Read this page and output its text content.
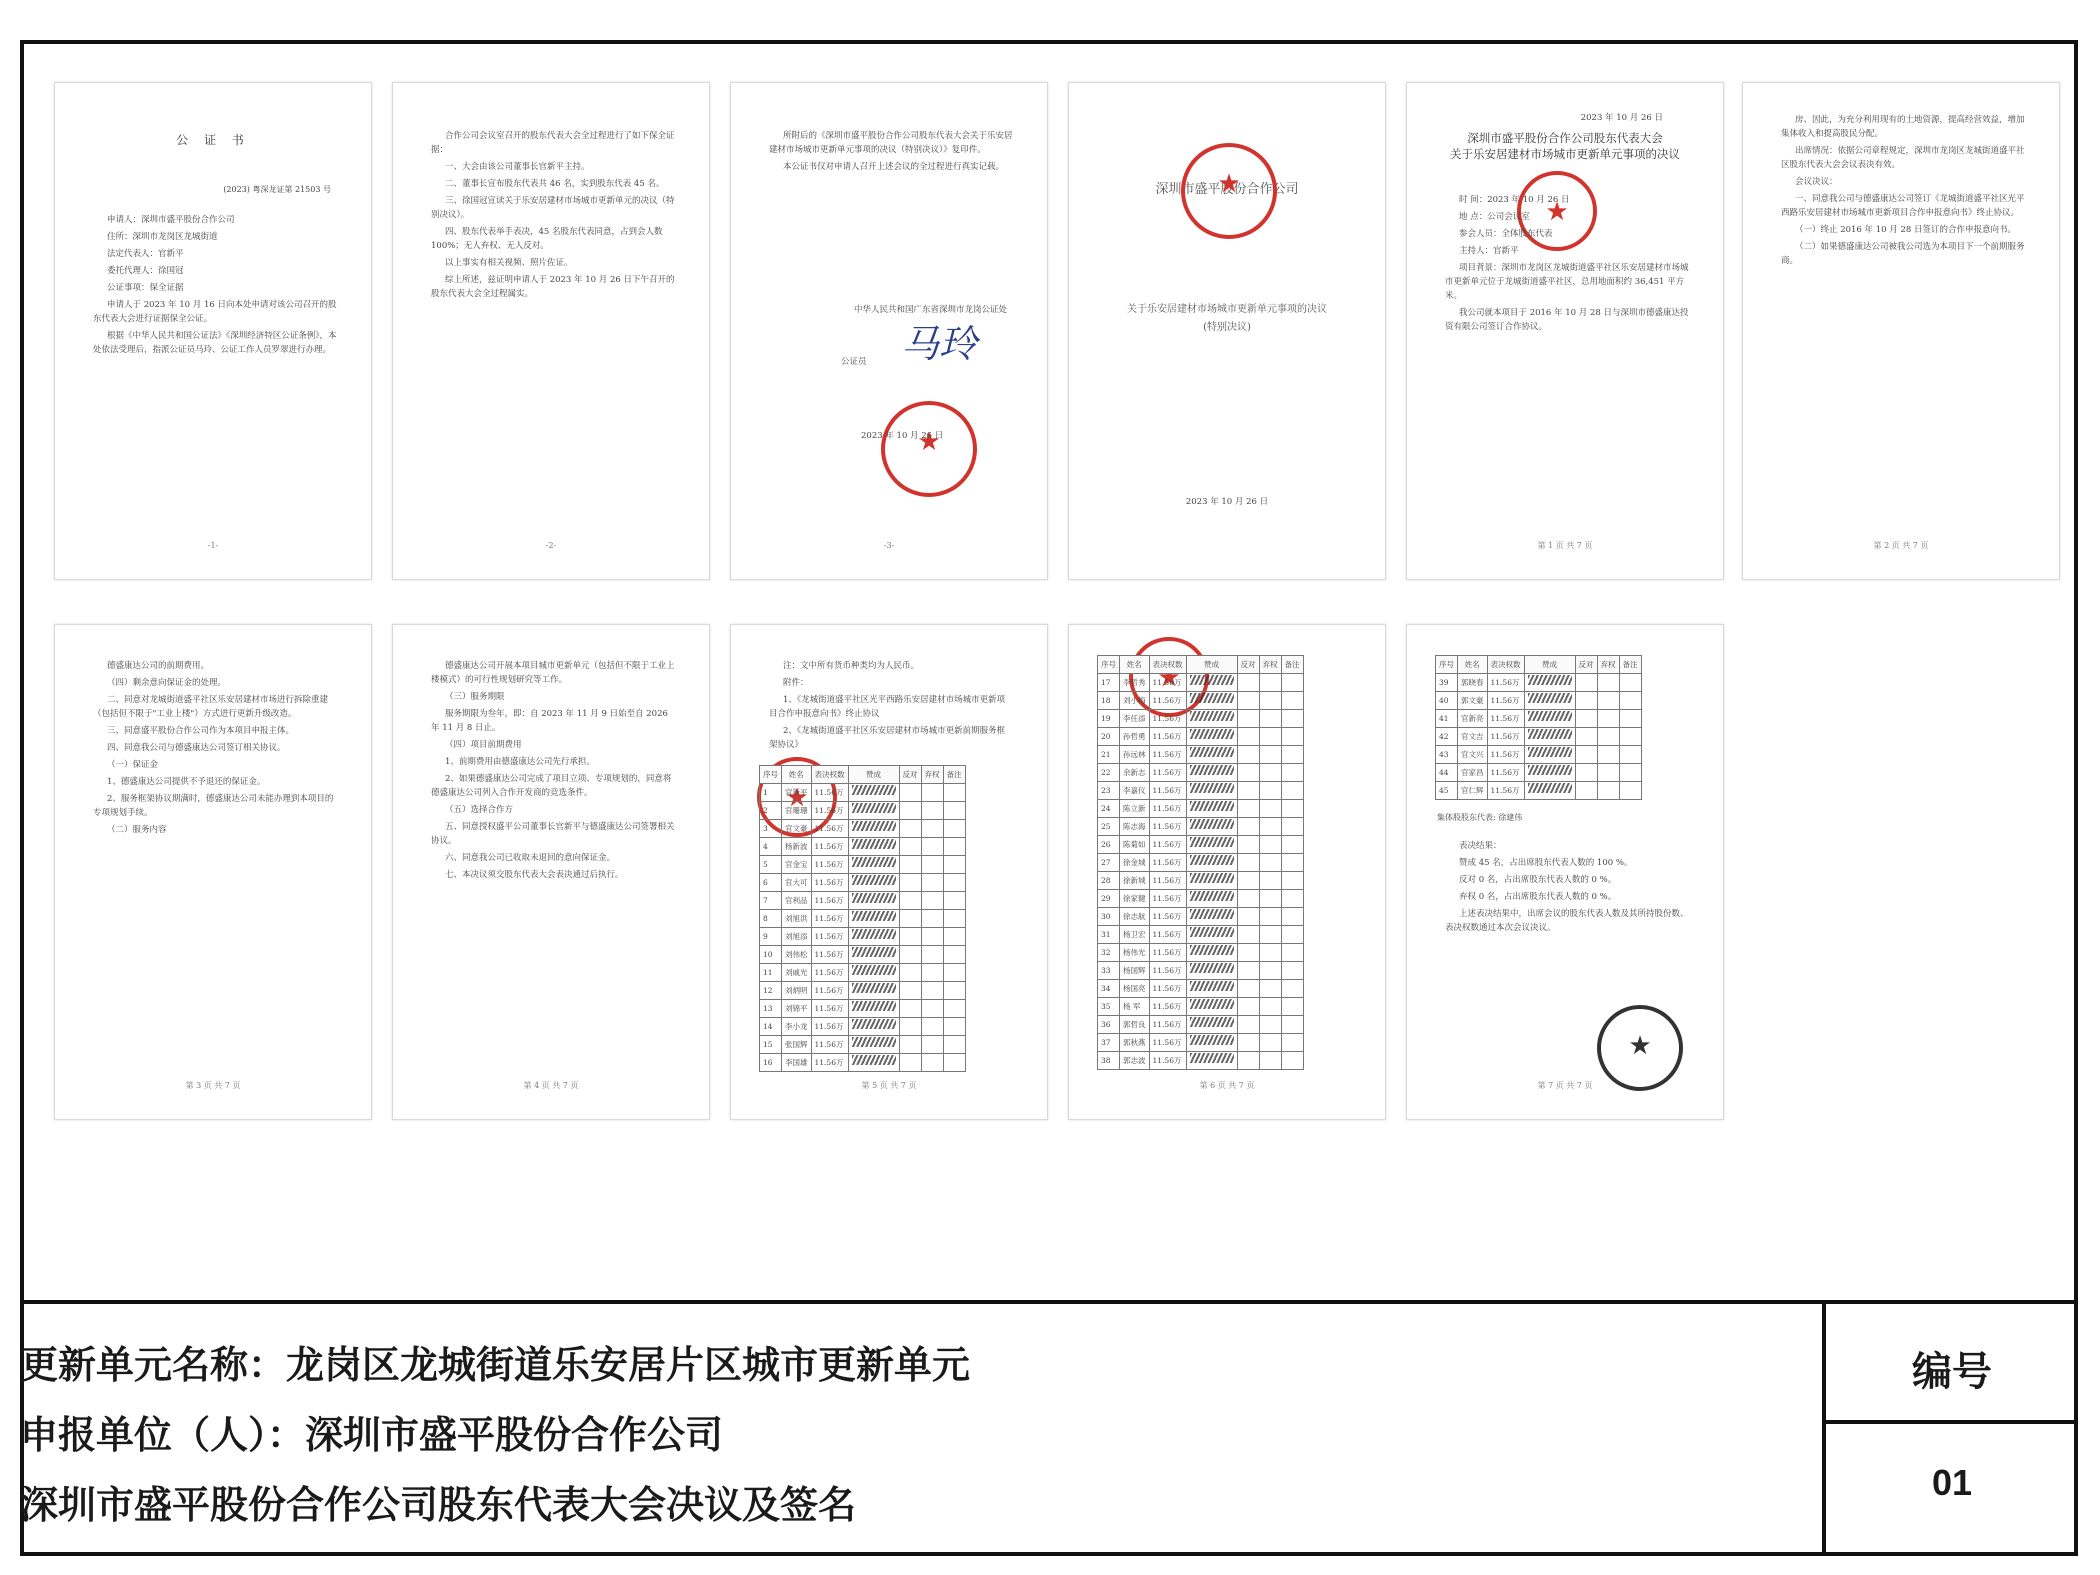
公 证 书
(2023) 粤深龙证第 21503 号

申请人：深圳市盛平股份合作公司

住所：深圳市龙岗区龙城街道

法定代表人：官新平

委托代理人：徐国冠

公证事项：保全证据

申请人于 2023 年 10 月 16 日向本处申请对该公司召开的股东代表大会进行证据保全公证。

根据《中华人民共和国公证法》《深圳经济特区公证条例》，本处依法受理后，指派公证员马玲、公证工作人员罗翠进行办理。

-1-

合作公司会议室召开的股东代表大会全过程进行了如下保全证据：

一、大会由该公司董事长官新平主持。

二、董事长宣布股东代表共 46 名，实到股东代表 45 名。

三、徐国冠宣读关于乐安居建材市场城市更新单元的决议（特别决议）。

四、股东代表举手表决，45 名股东代表同意，占到会人数 100%；无人弃权、无人反对。

以上事实有相关视频、照片佐证。

综上所述，兹证明申请人于 2023 年 10 月 26 日下午召开的股东代表大会全过程属实。

-2-

所附后的《深圳市盛平股份合作公司股东代表大会关于乐安居建材市场城市更新单元事项的决议（特别决议）》复印件。

本公证书仅对申请人召开上述会议的全过程进行真实记载。

中华人民共和国广东省深圳市龙岗公证处
公证员 马玲
★
2023 年 10 月 26 日
-3-
深圳市盛平股份合作公司
★
关于乐安居建材市场城市更新单元事项的决议
(特别决议)
2023 年 10 月 26 日
2023 年 10 月 26 日
深圳市盛平股份合作公司股东代表大会
关于乐安居建材市场城市更新单元事项的决议
★

时 间：2023 年 10 月 26 日

地 点：公司会议室

参会人员：全体股东代表

主持人：官新平

项目背景：深圳市龙岗区龙城街道盛平社区乐安居建材市场城市更新单元位于龙城街道盛平社区，总用地面积约 36,451 平方米。

我公司就本项目于 2016 年 10 月 28 日与深圳市德盛康达投资有限公司签订合作协议。

第 1 页 共 7 页

房、因此，为充分利用现有的土地资源，提高经营效益，增加集体收入和提高股民分配。

出席情况：依据公司章程规定，深圳市龙岗区龙城街道盛平社区股东代表大会会议表决有效。

会议决议：

一、同意我公司与德盛康达公司签订《龙城街道盛平社区光平西路乐安居建材市场城市更新项目合作申报意向书》终止协议。

（一）终止 2016 年 10 月 28 日签订的合作申报意向书。

（二）如果德盛康达公司被我公司选为本项目下一个前期服务商。

第 2 页 共 7 页

德盛康达公司的前期费用。

（四）剩余意向保证金的处理。

二、同意对龙城街道盛平社区乐安居建材市场进行拆除重建（包括但不限于"工业上楼"）方式进行更新升级改造。

三、同意盛平股份合作公司作为本项目申报主体。

四、同意我公司与德盛康达公司签订相关协议。

（一）保证金

1、德盛康达公司提供不予退还的保证金。

2、服务框架协议期满时，德盛康达公司未能办理到本项目的专项规划手续。

（二）服务内容

第 3 页 共 7 页

德盛康达公司开展本项目城市更新单元（包括但不限于工业上楼模式）的可行性规划研究等工作。

（三）服务期限

服务期限为叁年，即：自 2023 年 11 月 9 日始至自 2026 年 11 月 8 日止。

（四）项目前期费用

1、前期费用由德盛康达公司先行承担。

2、如果德盛康达公司完成了项目立项、专项规划的，同意将德盛康达公司列入合作开发商的竞选条件。

（五）选择合作方

五、同意授权盛平公司董事长官新平与德盛康达公司签署相关协议。

六、同意我公司已收取未退回的意向保证金。

七、本决议须交股东代表大会表决通过后执行。

第 4 页 共 7 页

注：文中所有货币种类均为人民币。

附件：

1、《龙城街道盛平社区光平西路乐安居建材市场城市更新项目合作申报意向书》终止协议

2、《龙城街道盛平社区乐安居建材市场城市更新前期服务框架协议》

★
序号	姓名	表决权数	赞成	反对	弃权	备注
1	官新平	11.56万				
2	官珊珊	11.56万				
3	官文豪	11.56万				
4	杨新波	11.56万				
5	官金宝	11.56万				
6	官大可	11.56万				
7	官利品	11.56万				
8	刘旭洪	11.56万				
9	刘旭添	11.56万				
10	刘伟松	11.56万				
11	刘戚光	11.56万				
12	刘炳明	11.56万				
13	刘锦平	11.56万				
14	李小龙	11.56万				
15	张国辉	11.56万				
16	李国雄	11.56万				
第 5 页 共 7 页
★
序号	姓名	表决权数	赞成	反对	弃权	备注
17	李哲秀	11.56万				
18	刘小梅	11.56万				
19	李任添	11.56万				
20	孙哲勇	11.56万				
21	孙远林	11.56万				
22	余新志	11.56万				
23	李嘉仪	11.56万				
24	陈立新	11.56万				
25	陈志海	11.56万				
26	陈菊如	11.56万				
27	徐金城	11.56万				
28	徐新城	11.56万				
29	徐家健	11.56万				
30	徐志航	11.56万				
31	杨卫宏	11.56万				
32	杨伟光	11.56万				
33	杨国辉	11.56万				
34	杨国亮	11.56万				
35	杨 军	11.56万				
36	郭哲良	11.56万				
37	郭秋燕	11.56万				
38	郭志波	11.56万				
第 6 页 共 7 页
序号	姓名	表决权数	赞成	反对	弃权	备注
39	郭晓春	11.56万				
40	郭文豪	11.56万				
41	官新亮	11.56万				
42	官文吉	11.56万				
43	官文兴	11.56万				
44	官家昌	11.56万				
45	官仁辉	11.56万				
集体股股东代表: 徐建伟

表决结果：

赞成 45 名，占出席股东代表人数的 100 %。

反对 0 名，占出席股东代表人数的 0 %。

弃权 0 名，占出席股东代表人数的 0 %。

上述表决结果中，出席会议的股东代表人数及其所持股份数、表决权数通过本次会议决议。

★
第 7 页 共 7 页
更新单元名称：龙岗区龙城街道乐安居片区城市更新单元
申报单位（人）：深圳市盛平股份合作公司
深圳市盛平股份合作公司股东代表大会决议及签名
编号
01
